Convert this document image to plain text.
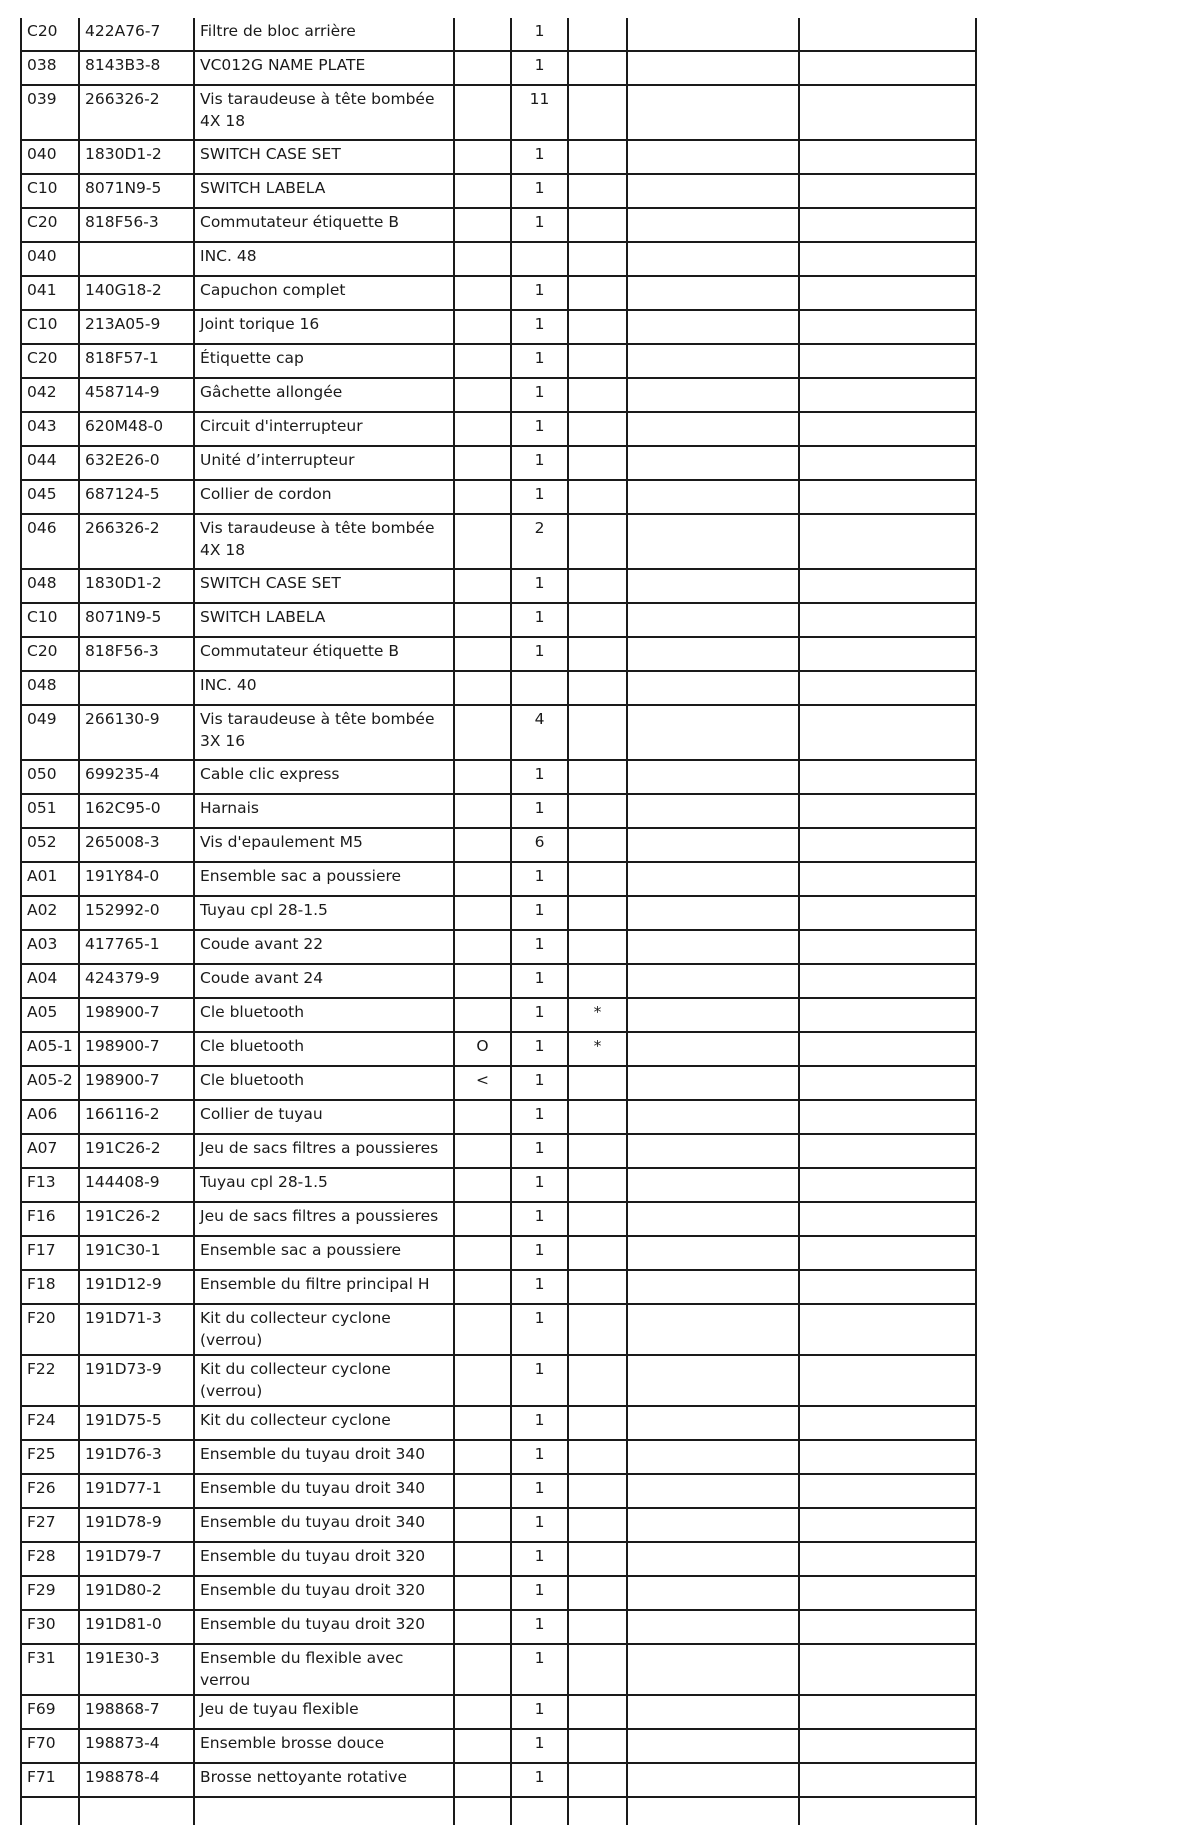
C20	422A76-7	Filtre de bloc arrière		1			
038	8143B3-8	VC012G NAME PLATE		1			
039	266326-2	Vis taraudeuse à tête bombée 4X 18		11			
040	1830D1-2	SWITCH CASE SET		1			
C10	8071N9-5	SWITCH LABELA		1			
C20	818F56-3	Commutateur étiquette B		1			
040		INC. 48					
041	140G18-2	Capuchon complet		1			
C10	213A05-9	Joint torique 16		1			
C20	818F57-1	Étiquette cap		1			
042	458714-9	Gâchette allongée		1			
043	620M48-0	Circuit d'interrupteur		1			
044	632E26-0	Unité d’interrupteur		1			
045	687124-5	Collier de cordon		1			
046	266326-2	Vis taraudeuse à tête bombée 4X 18		2			
048	1830D1-2	SWITCH CASE SET		1			
C10	8071N9-5	SWITCH LABELA		1			
C20	818F56-3	Commutateur étiquette B		1			
048		INC. 40					
049	266130-9	Vis taraudeuse à tête bombée 3X 16		4			
050	699235-4	Cable clic express		1			
051	162C95-0	Harnais		1			
052	265008-3	Vis d'epaulement M5		6			
A01	191Y84-0	Ensemble sac a poussiere		1			
A02	152992-0	Tuyau cpl 28-1.5		1			
A03	417765-1	Coude avant 22		1			
A04	424379-9	Coude avant 24		1			
A05	198900-7	Cle bluetooth		1	*		
A05-1	198900-7	Cle bluetooth	O	1	*		
A05-2	198900-7	Cle bluetooth	<	1			
A06	166116-2	Collier de tuyau		1			
A07	191C26-2	Jeu de sacs filtres a poussieres		1			
F13	144408-9	Tuyau cpl 28-1.5		1			
F16	191C26-2	Jeu de sacs filtres a poussieres		1			
F17	191C30-1	Ensemble sac a poussiere		1			
F18	191D12-9	Ensemble du filtre principal H		1			
F20	191D71-3	Kit du collecteur cyclone (verrou)		1			
F22	191D73-9	Kit du collecteur cyclone (verrou)		1			
F24	191D75-5	Kit du collecteur cyclone		1			
F25	191D76-3	Ensemble du tuyau droit 340		1			
F26	191D77-1	Ensemble du tuyau droit 340		1			
F27	191D78-9	Ensemble du tuyau droit 340		1			
F28	191D79-7	Ensemble du tuyau droit 320		1			
F29	191D80-2	Ensemble du tuyau droit 320		1			
F30	191D81-0	Ensemble du tuyau droit 320		1			
F31	191E30-3	Ensemble du flexible avec verrou		1			
F69	198868-7	Jeu de tuyau flexible		1			
F70	198873-4	Ensemble brosse douce		1			
F71	198878-4	Brosse nettoyante rotative		1			
